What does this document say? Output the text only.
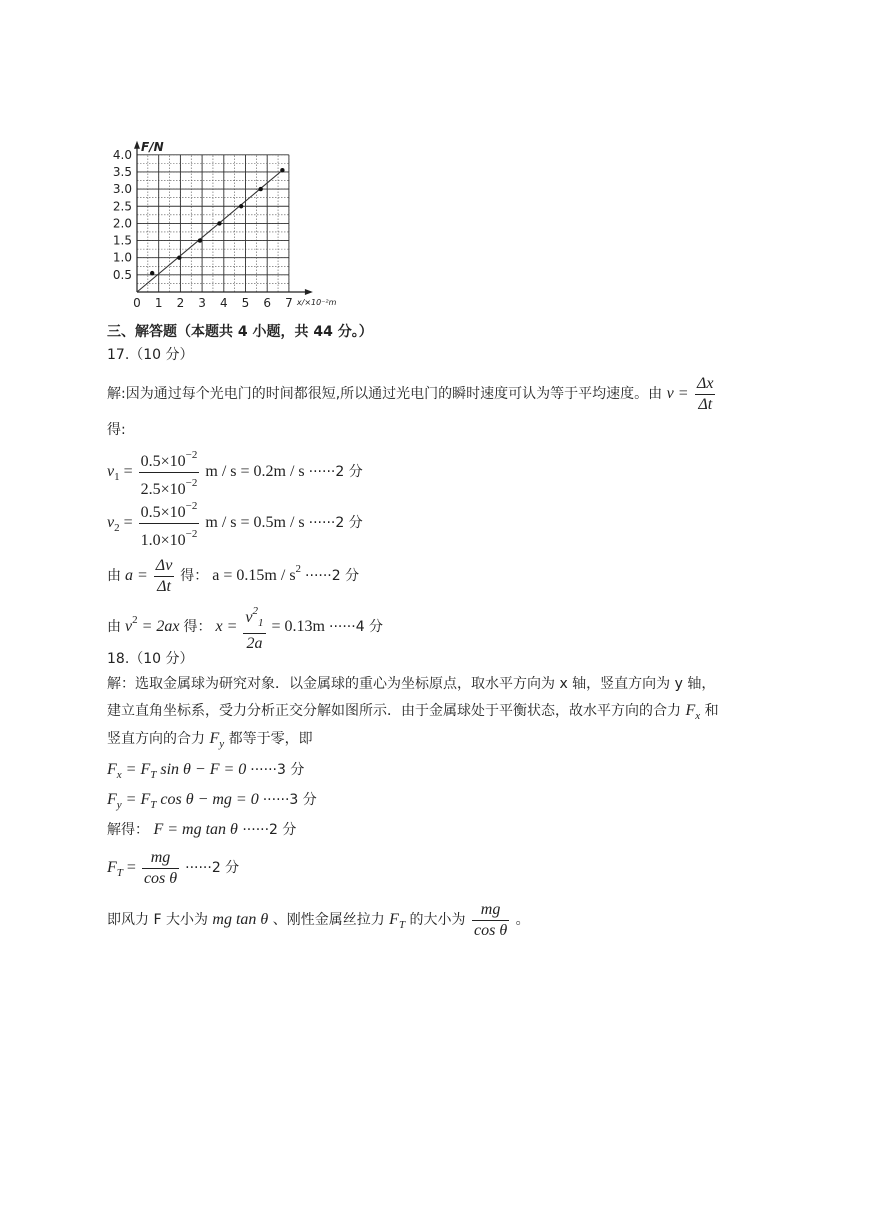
0.5
1.0
1.5
2.0
2.5
3.0
3.5
4.0
0 1 2 3 4 5 6 7
F/N
x/×10⁻²m
三、解答题（本题共 4 小题，共 44 分。）
17.（10 分）
解:因为通过每个光电门的时间都很短,所以通过光电门的瞬时速度可认为等于平均速度。由 $v = \frac{\Delta x}{\Delta t}$
得:
$v_1 = \frac{0.5\times 10^{-2}}{2.5\times 10^{-2}}$ m / s = 0.2m / s ······2 分
$v_2 = \frac{0.5\times 10^{-2}}{1.0\times 10^{-2}}$ m / s = 0.5m / s ······2 分
由 $a = \frac{\Delta v}{\Delta t}$ 得： $a = 0.15m / s^2 \cdot\cdot\cdot\cdot\cdot\cdot 2$ 分
由 $v^2 = 2ax$ 得： $x = \frac{v^2_1}{2a} = 0.13m \cdot\cdot\cdot\cdot\cdot\cdot 4$ 分
18.（10 分）
解：选取金属球为研究对象．以金属球的重心为坐标原点，取水平方向为 x 轴，竖直方向为 y 轴，
建立直角坐标系，受力分析正交分解如图所示．由于金属球处于平衡状态，故水平方向的合力 $F_x$ 和
竖直方向的合力 $F_y$ 都等于零，即
$F_x = F_T$ sin θ − F = 0 ······3 分
$F_y = F_T$ cos θ − mg = 0 ······3 分
解得： F = mg tan θ ······2 分
$F_T = \frac{mg}{\text{cos θ}} \cdot\cdot\cdot\cdot\cdot\cdot 2$ 分
即风力 F 大小为 mg tan θ 、刚性金属丝拉力 $F_T$ 的大小为 $\frac{mg}{\text{cos θ}}$ 。
